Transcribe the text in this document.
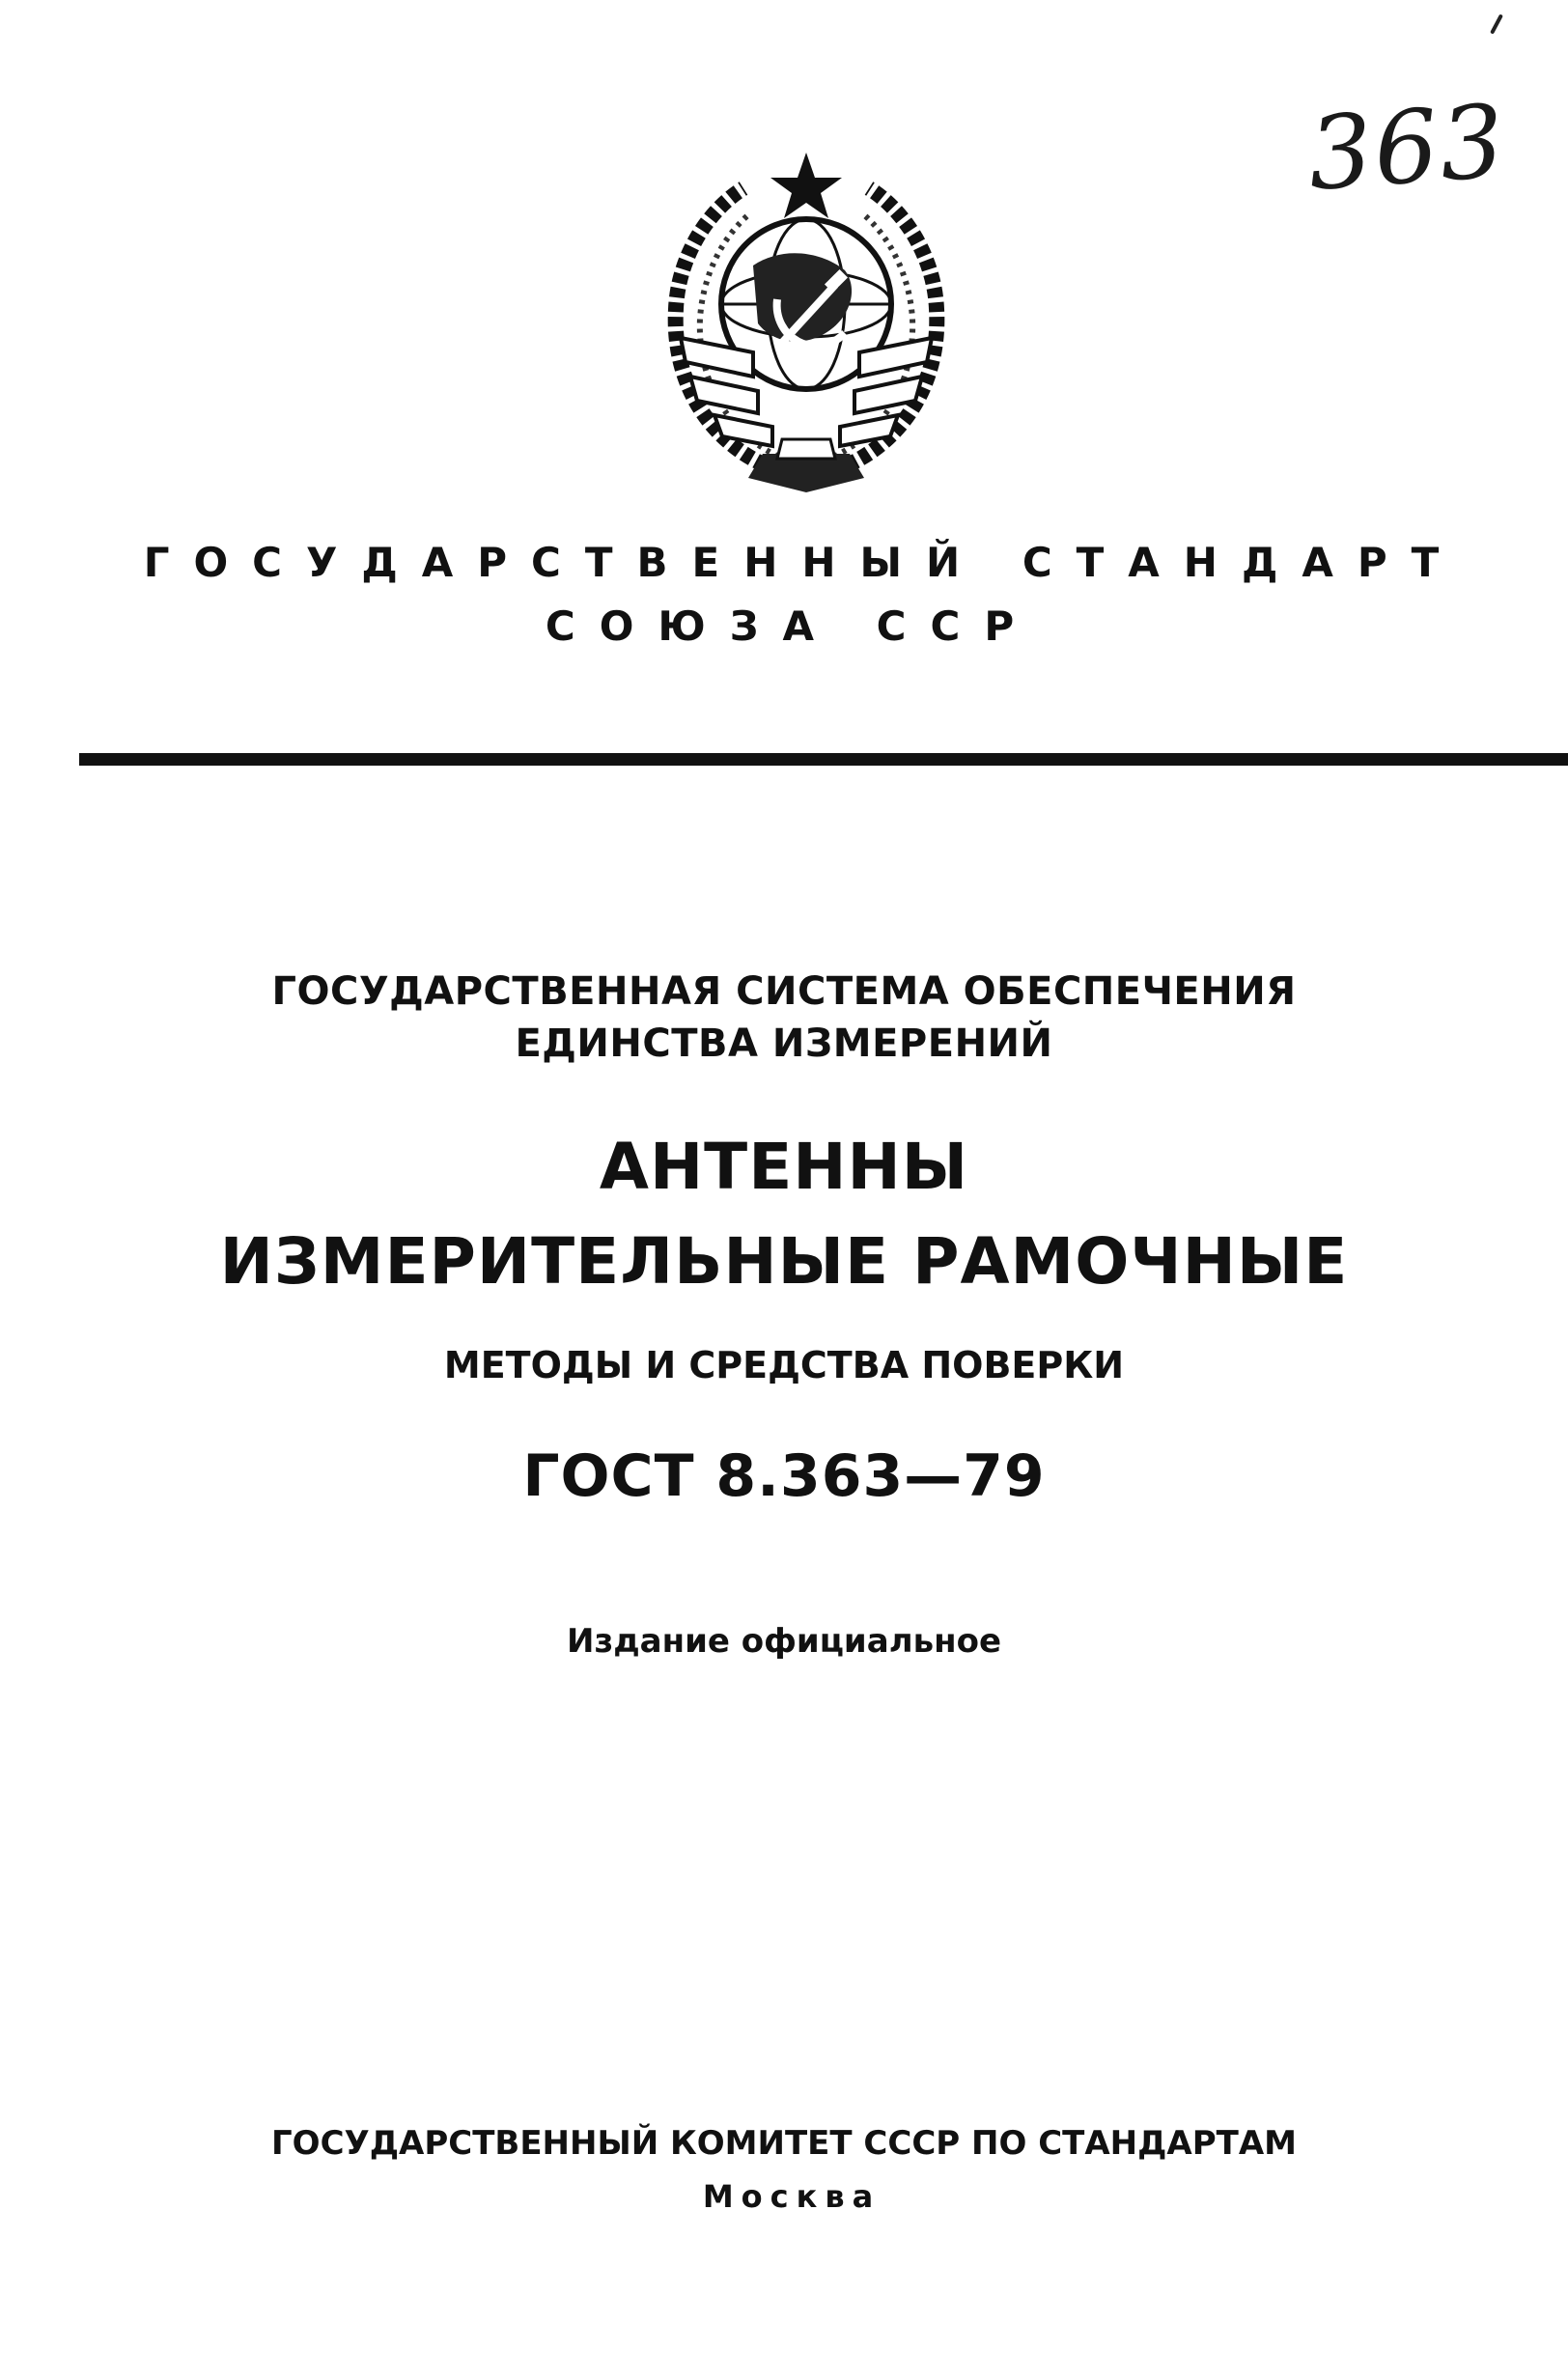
363
ГОСУДАРСТВЕННЫЙ СТАНДАРТ
СОЮЗА ССР
ГОСУДАРСТВЕННАЯ СИСТЕМА ОБЕСПЕЧЕНИЯ
ЕДИНСТВА ИЗМЕРЕНИЙ
АНТЕННЫ
ИЗМЕРИТЕЛЬНЫЕ РАМОЧНЫЕ
МЕТОДЫ И СРЕДСТВА ПОВЕРКИ
ГОСТ 8.363—79
Издание официальное
ГОСУДАРСТВЕННЫЙ КОМИТЕТ СССР ПО СТАНДАРТАМ
Москва
